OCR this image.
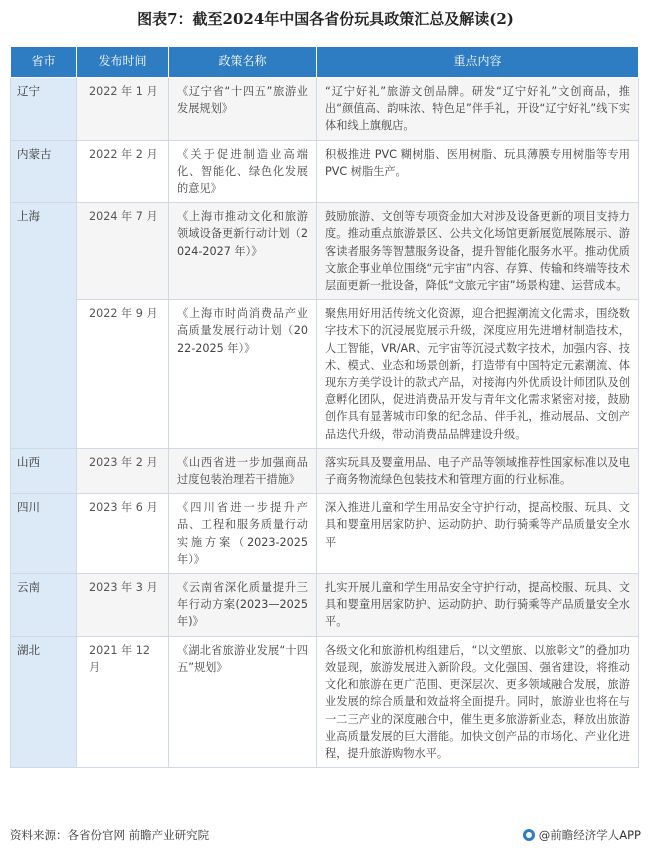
图表7：截至2024年中国各省份玩具政策汇总及解读(2)
省市	发布时间	政策名称	重点内容
辽宁	2022 年 1 月	《辽宁省“十四五”旅游业发展规划》	“辽宁好礼”旅游文创品牌。研发“辽宁好礼”文创商品，推出“颜值高、韵味浓、特色足”伴手礼，开设“辽宁好礼”线下实体和线上旗舰店。
内蒙古	2022 年 2 月	《关于促进制造业高端化、智能化、绿色化发展的意见》	积极推进 PVC 糊树脂、医用树脂、玩具薄膜专用树脂等专用 PVC 树脂生产。
上海	2024 年 7 月	《上海市推动文化和旅游领域设备更新行动计划（2024-2027 年）》	鼓励旅游、文创等专项资金加大对涉及设备更新的项目支持力度。推动重点旅游景区、公共文化场馆更新展览展陈展示、游客读者服务等智慧服务设备，提升智能化服务水平。推动优质文旅企事业单位围绕“元宇宙”内容、存算、传输和终端等技术层面更新一批设备，降低“文旅元宇宙”场景构建、运营成本。
	2022 年 9 月	《上海市时尚消费品产业高质量发展行动计划（2022-2025 年）》	聚焦用好用活传统文化资源，迎合把握潮流文化需求，围绕数字技术下的沉浸展览展示升级，深度应用先进增材制造技术，人工智能，VR/AR、元宇宙等沉浸式数字技术，加强内容、技术、模式、业态和场景创新，打造带有中国特定元素潮流、体现东方美学设计的款式产品，对接海内外优质设计师团队及创意孵化团队，促进消费品开发与青年文化需求紧密对接，鼓励创作具有显著城市印象的纪念品、伴手礼，推动展品、文创产品迭代升级，带动消费品品牌建设升级。
山西	2023 年 2 月	《山西省进一步加强商品过度包装治理若干措施》	落实玩具及婴童用品、电子产品等领域推荐性国家标准以及电子商务物流绿色包装技术和管理方面的行业标准。
四川	2023 年 6 月	《四川省进一步提升产品、工程和服务质量行动实施方案（2023-2025 年）》	深入推进儿童和学生用品安全守护行动，提高校服、玩具、文具和婴童用居家防护、运动防护、助行骑乘等产品质量安全水平
云南	2023 年 3 月	《云南省深化质量提升三年行动方案(2023—2025 年)》	扎实开展儿童和学生用品安全守护行动，提高校服、玩具、文具和婴童用居家防护、运动防护、助行骑乘等产品质量安全水平。
湖北	2021 年 12 月	《湖北省旅游业发展“十四五”规划》	各级文化和旅游机构组建后，“以文塑旅、以旅彰文”的叠加功效显现，旅游发展进入新阶段。文化强国、强省建设，将推动文化和旅游在更广范围、更深层次、更多领域融合发展，旅游业发展的综合质量和效益将全面提升。同时，旅游业也将在与一二三产业的深度融合中，催生更多旅游新业态，释放出旅游业高质量发展的巨大潜能。加快文创产品的市场化、产业化进程，提升旅游购物水平。
资料来源：各省份官网 前瞻产业研究院	@前瞻经济学人APP
